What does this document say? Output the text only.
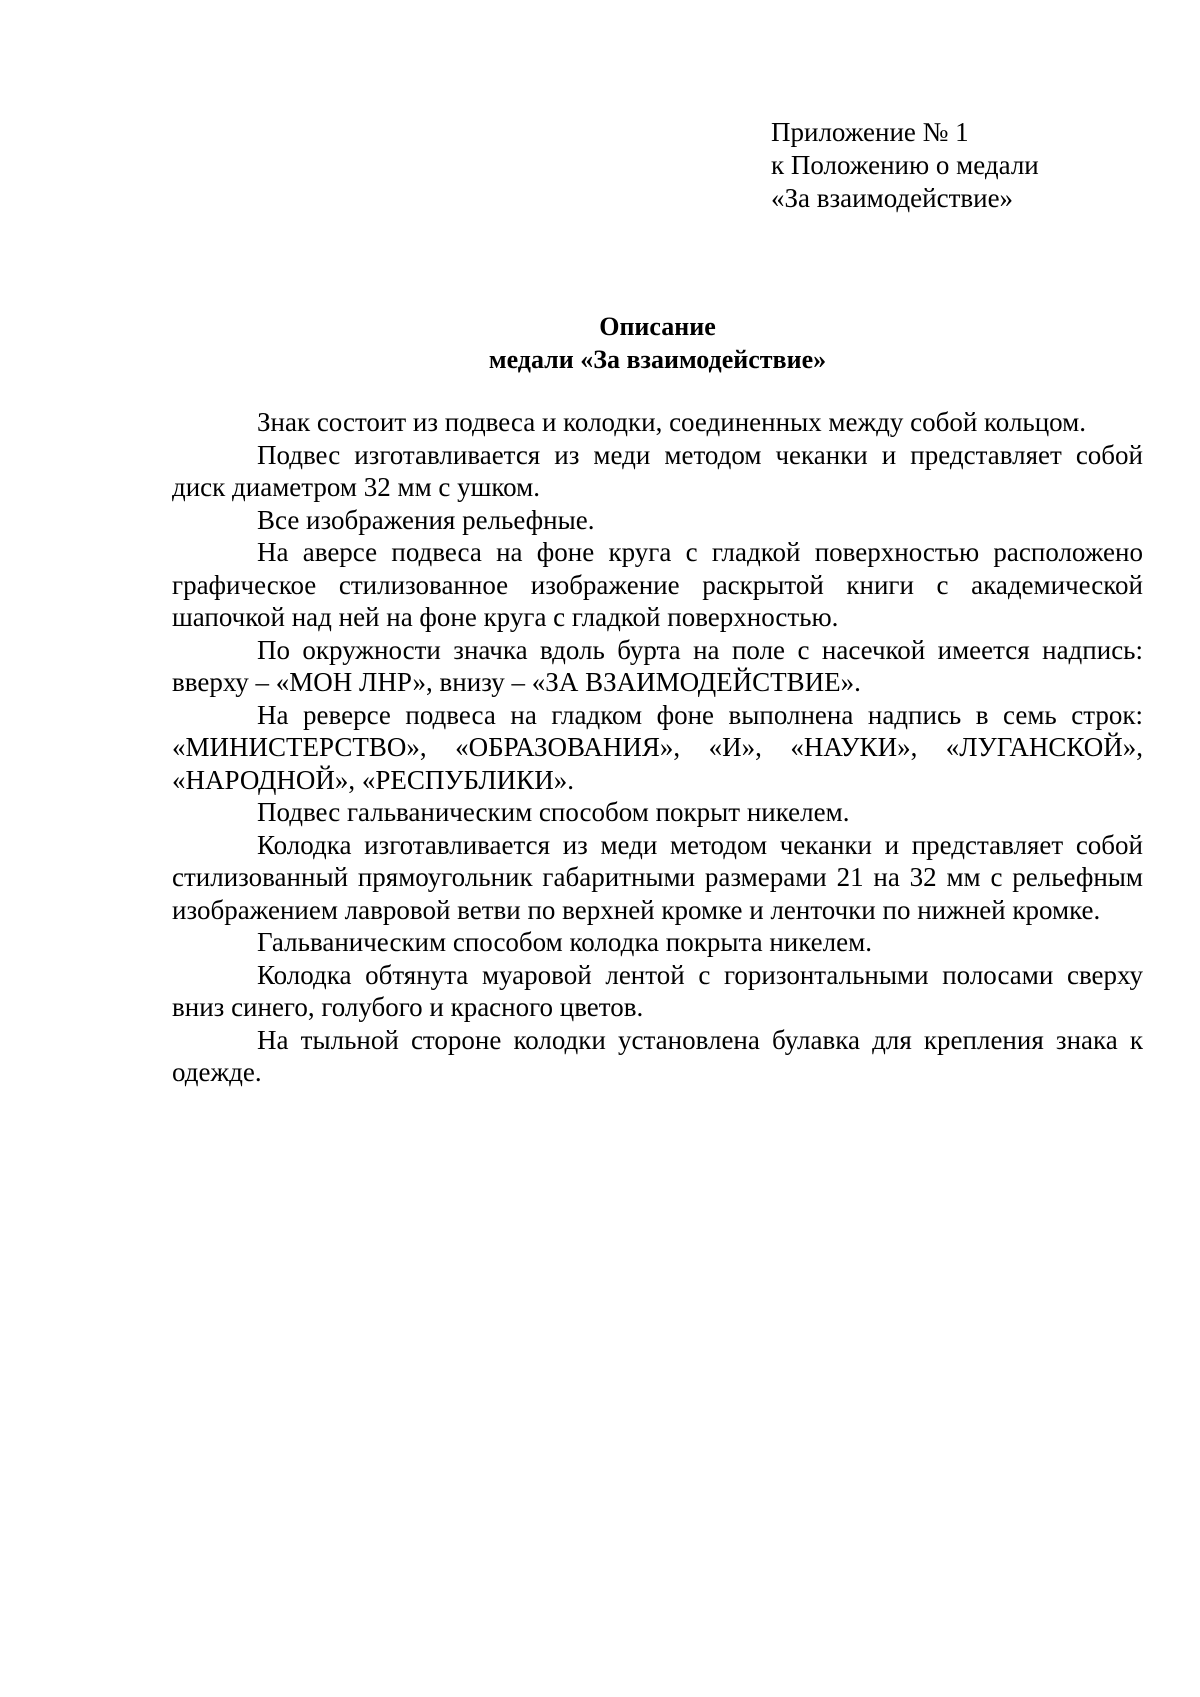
Приложение № 1
к Положению о медали
«За взаимодействие»
Описание
медали «За взаимодействие»

Знак состоит из подвеса и колодки, соединенных между собой кольцом.

Подвес изготавливается из меди методом чеканки и представляет собой диск диаметром 32 мм с ушком.

Все изображения рельефные.

На аверсе подвеса на фоне круга с гладкой поверхностью расположено графическое стилизованное изображение раскрытой книги с академической шапочкой над ней на фоне круга с гладкой поверхностью.

По окружности значка вдоль бурта на поле с насечкой имеется надпись: вверху – «МОН ЛНР», внизу – «ЗА ВЗАИМОДЕЙСТВИЕ».

На реверсе подвеса на гладком фоне выполнена надпись в семь строк: «МИНИСТЕРСТВО», «ОБРАЗОВАНИЯ», «И», «НАУКИ», «ЛУГАНСКОЙ», «НАРОДНОЙ», «РЕСПУБЛИКИ».

Подвес гальваническим способом покрыт никелем.

Колодка изготавливается из меди методом чеканки и представляет собой стилизованный прямоугольник габаритными размерами 21 на 32 мм с рельефным изображением лавровой ветви по верхней кромке и ленточки по нижней кромке.

Гальваническим способом колодка покрыта никелем.

Колодка обтянута муаровой лентой с горизонтальными полосами сверху вниз синего, голубого и красного цветов.

На тыльной стороне колодки установлена булавка для крепления знака к одежде.
